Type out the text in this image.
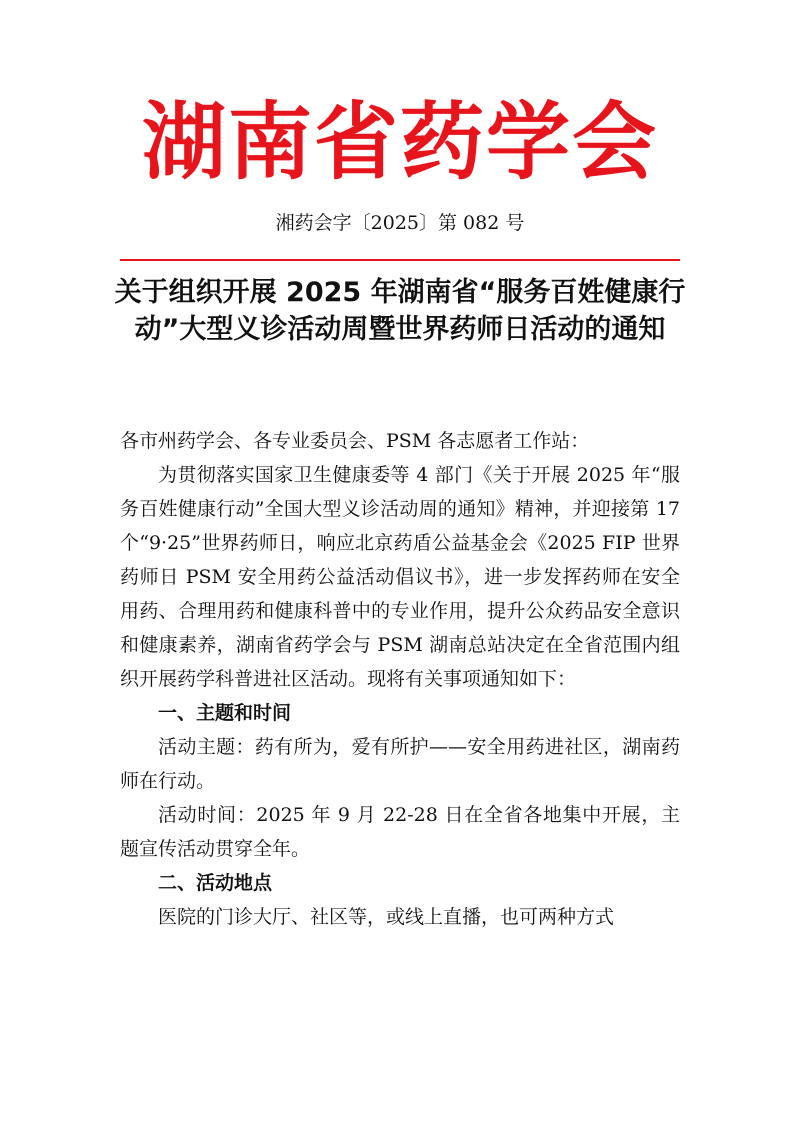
湖南省药学会
湘药会字〔2025〕第 082 号
关于组织开展 2025 年湖南省“服务百姓健康行动”大型义诊活动周暨世界药师日活动的通知

各市州药学会、各专业委员会、PSM 各志愿者工作站：

为贯彻落实国家卫生健康委等 4 部门《关于开展 2025 年“服务百姓健康行动”全国大型义诊活动周的通知》精神，并迎接第 17 个“9·25”世界药师日，响应北京药盾公益基金会《2025 FIP 世界药师日 PSM 安全用药公益活动倡议书》，进一步发挥药师在安全用药、合理用药和健康科普中的专业作用，提升公众药品安全意识和健康素养，湖南省药学会与 PSM 湖南总站决定在全省范围内组织开展药学科普进社区活动。现将有关事项通知如下：

一、主题和时间

活动主题：药有所为，爱有所护——安全用药进社区，湖南药师在行动。

活动时间：2025 年 9 月 22-28 日在全省各地集中开展，主题宣传活动贯穿全年。

二、活动地点

医院的门诊大厅、社区等，或线上直播，也可两种方式
